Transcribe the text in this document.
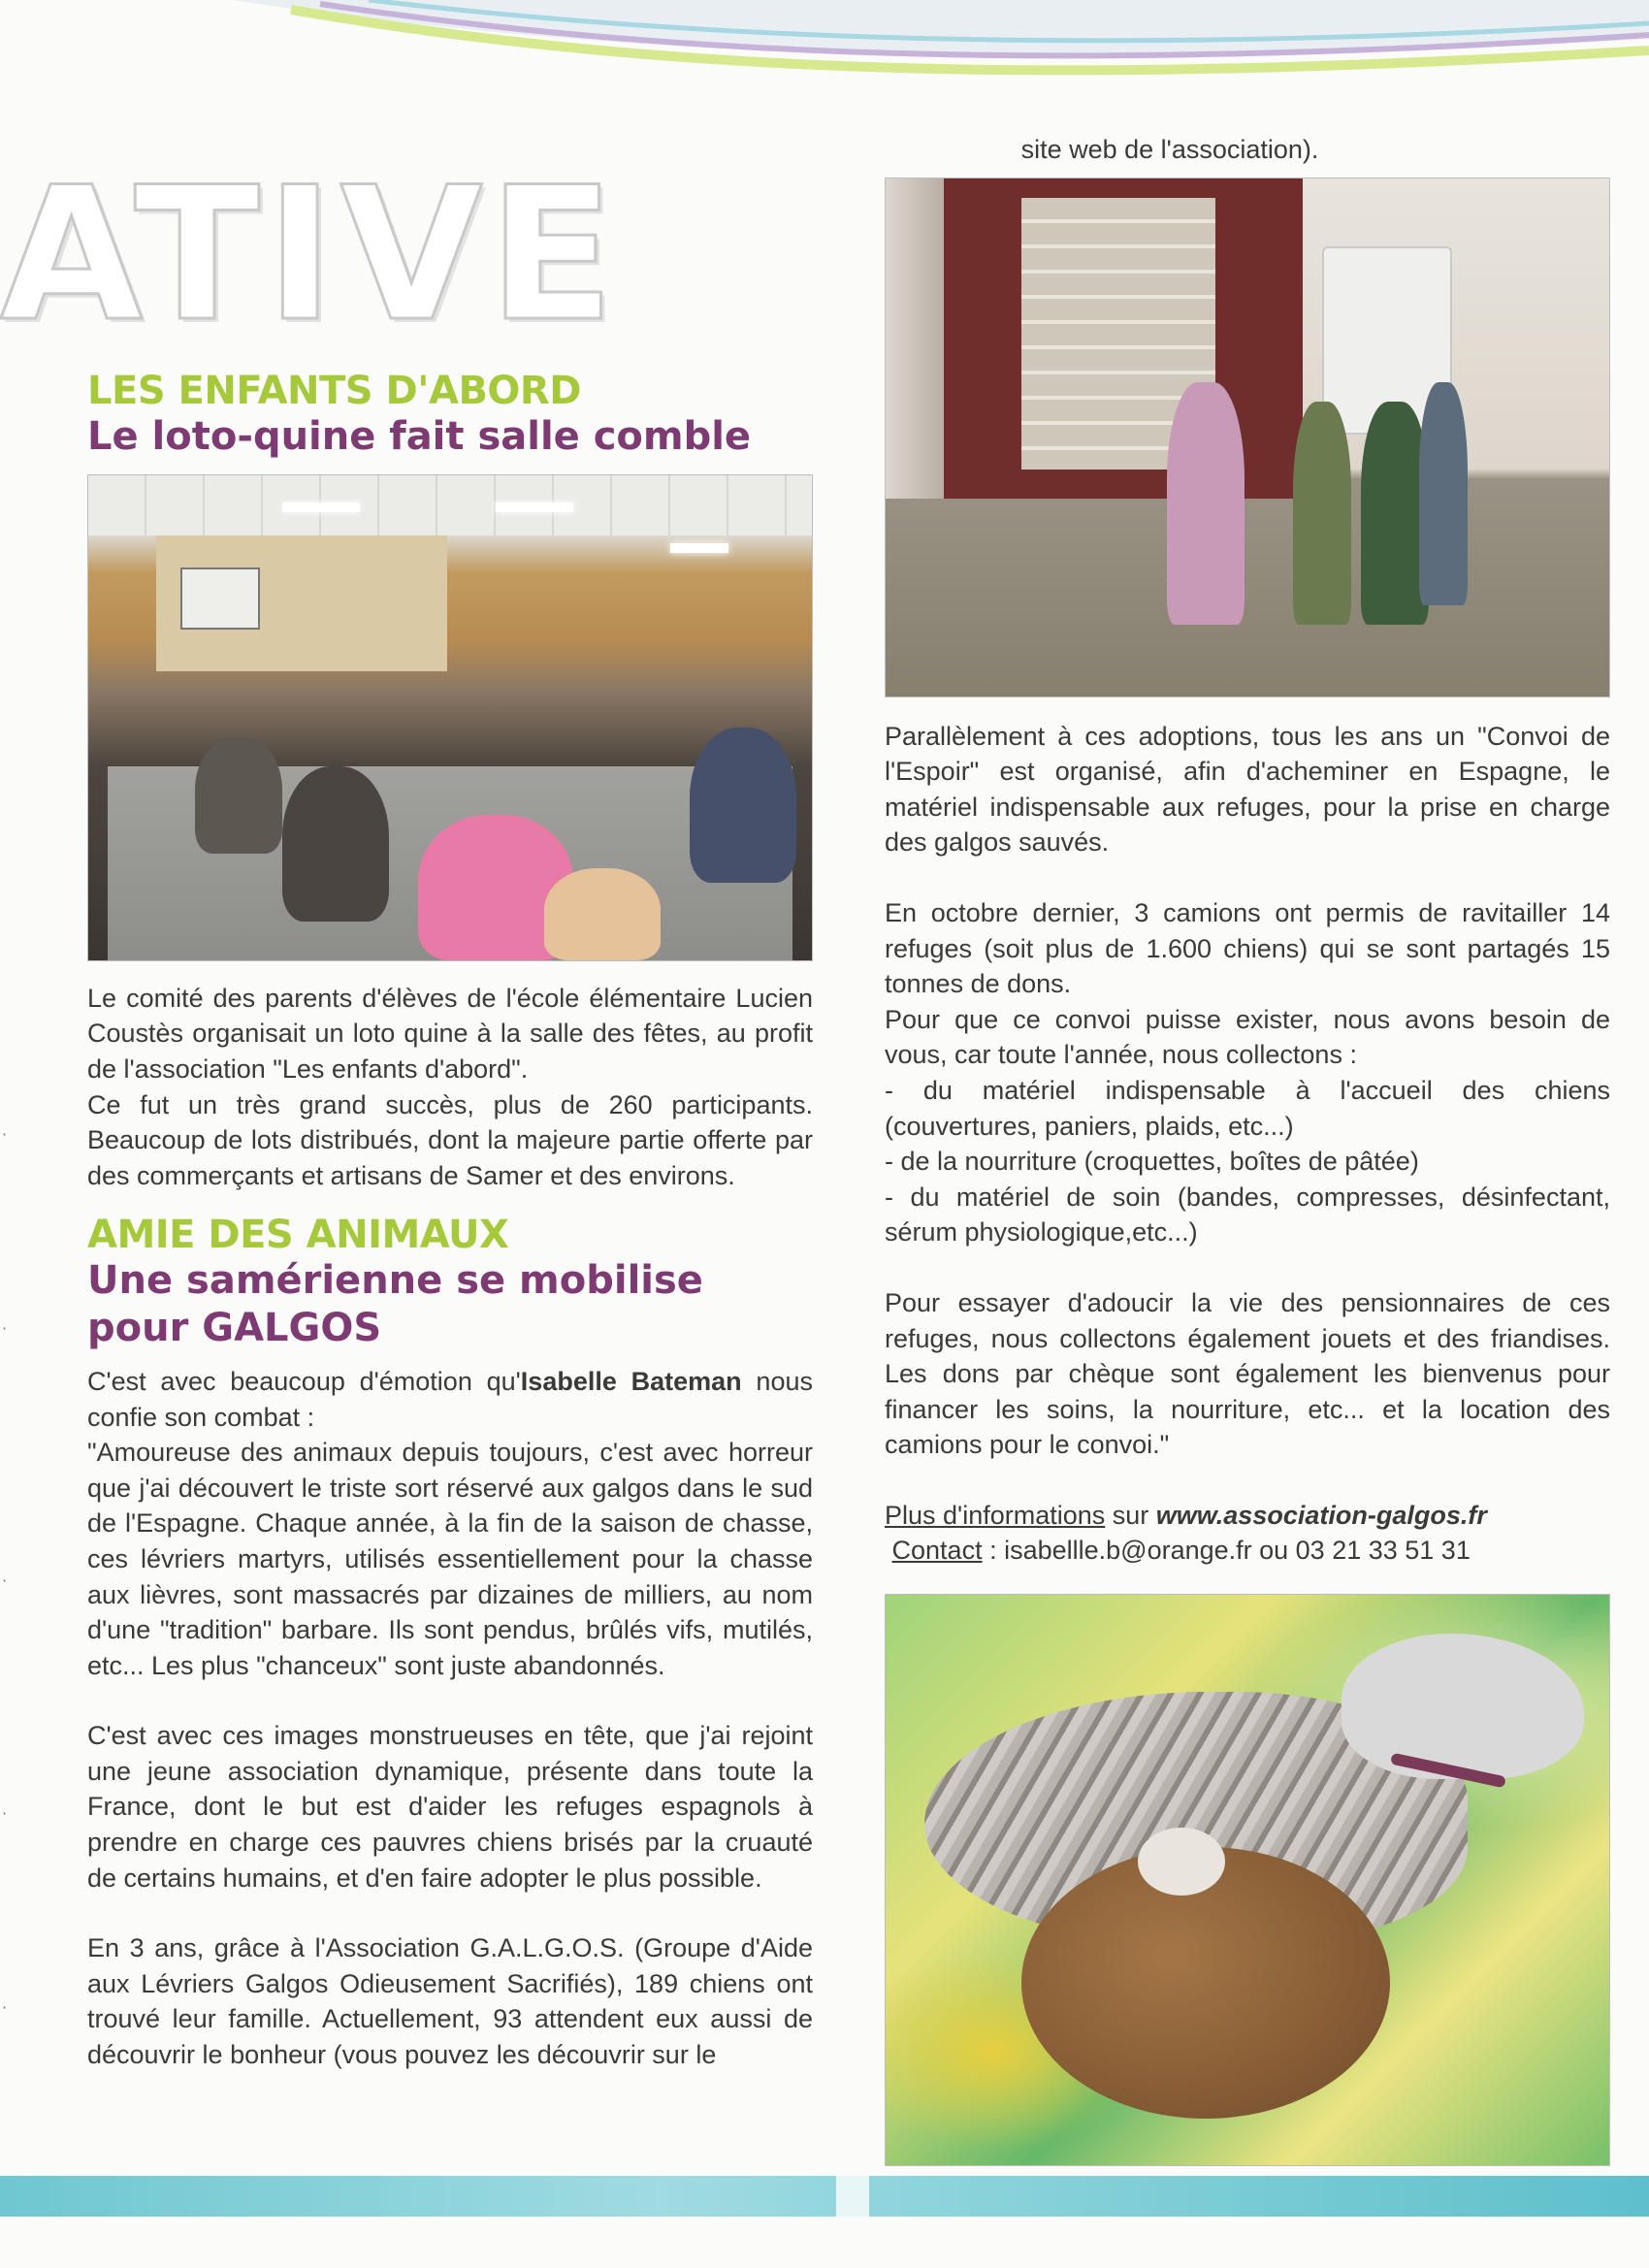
ATIVE
LES ENFANTS D'ABORD
Le loto-quine fait salle comble

Le comité des parents d'élèves de l'école élémentaire Lucien Coustès organisait un loto quine à la salle des fêtes, au profit de l'association "Les enfants d'abord".

Ce fut un très grand succès, plus de 260 participants. Beaucoup de lots distribués, dont la majeure partie offerte par des commerçants et artisans de Samer et des environs.

AMIE DES ANIMAUX
Une samérienne se mobilise
pour GALGOS

C'est avec beaucoup d'émotion qu'Isabelle Bateman nous confie son combat :

"Amoureuse des animaux depuis toujours, c'est avec horreur que j'ai découvert le triste sort réservé aux galgos dans le sud de l'Espagne. Chaque année, à la fin de la saison de chasse, ces lévriers martyrs, utilisés essentiellement pour la chasse aux lièvres, sont massacrés par dizaines de milliers, au nom d'une "tradition" barbare. Ils sont pendus, brûlés vifs, mutilés, etc... Les plus "chanceux" sont juste abandonnés.

C'est avec ces images monstrueuses en tête, que j'ai rejoint une jeune association dynamique, présente dans toute la France, dont le but est d'aider les refuges espagnols à prendre en charge ces pauvres chiens brisés par la cruauté de certains humains, et d'en faire adopter le plus possible.

En 3 ans, grâce à l'Association G.A.L.G.O.S. (Groupe d'Aide aux Lévriers Galgos Odieusement Sacrifiés), 189 chiens ont trouvé leur famille. Actuellement, 93 attendent eux aussi de découvrir le bonheur (vous pouvez les découvrir sur le

site web de l'association).

Parallèlement à ces adoptions, tous les ans un "Convoi de l'Espoir" est organisé, afin d'acheminer en Espagne, le matériel indispensable aux refuges, pour la prise en charge des galgos sauvés.

En octobre dernier, 3 camions ont permis de ravitailler 14 refuges (soit plus de 1.600 chiens) qui se sont partagés 15 tonnes de dons.

Pour que ce convoi puisse exister, nous avons besoin de vous, car toute l'année, nous collectons :

- du matériel indispensable à l'accueil des chiens (couvertures, paniers, plaids, etc...)

- de la nourriture (croquettes, boîtes de pâtée)

- du matériel de soin (bandes, compresses, désinfectant, sérum physiologique,etc...)

Pour essayer d'adoucir la vie des pensionnaires de ces refuges, nous collectons également jouets et des friandises. Les dons par chèque sont également les bienvenus pour financer les soins, la nourriture, etc... et la location des camions pour le convoi."

Plus d'informations sur www.association-galgos.fr

Contact : isabellle.b@orange.fr ou 03 21 33 51 31

·
·
·
·
·
